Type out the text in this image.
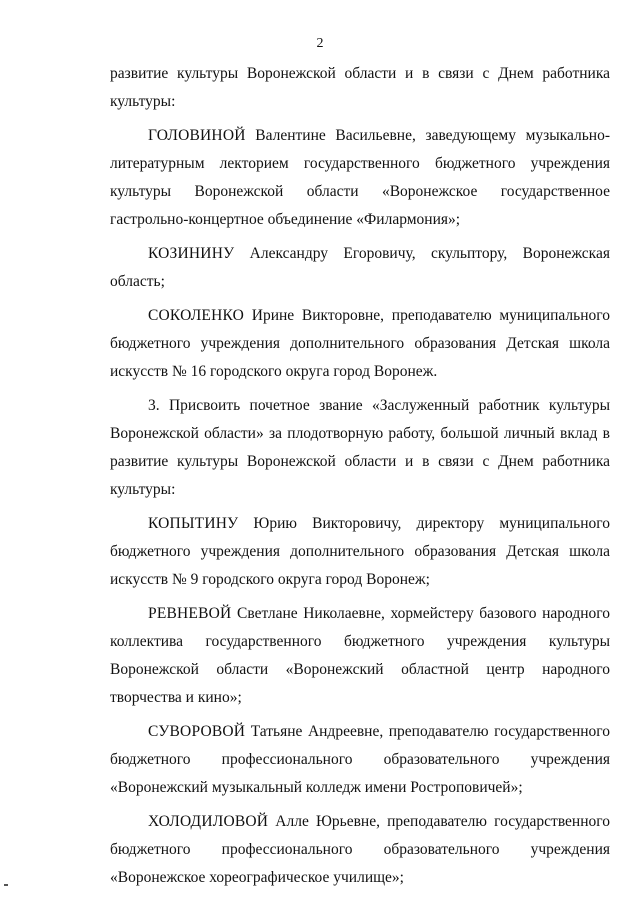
2

развитие культуры Воронежской области и в связи с Днем работника культуры:

ГОЛОВИНОЙ Валентине Васильевне, заведующему музыкально-литературным лекторием государственного бюджетного учреждения культуры Воронежской области «Воронежское государственное гастрольно-концертное объединение «Филармония»;

КОЗИНИНУ Александру Егоровичу, скульптору, Воронежская область;

СОКОЛЕНКО Ирине Викторовне, преподавателю муниципального бюджетного учреждения дополнительного образования Детская школа искусств № 16 городского округа город Воронеж.

3. Присвоить почетное звание «Заслуженный работник культуры Воронежской области» за плодотворную работу, большой личный вклад в развитие культуры Воронежской области и в связи с Днем работника культуры:

КОПЫТИНУ Юрию Викторовичу, директору муниципального бюджетного учреждения дополнительного образования Детская школа искусств № 9 городского округа город Воронеж;

РЕВНЕВОЙ Светлане Николаевне, хормейстеру базового народного коллектива государственного бюджетного учреждения культуры Воронежской области «Воронежский областной центр народного творчества и кино»;

СУВОРОВОЙ Татьяне Андреевне, преподавателю государственного бюджетного профессионального образовательного учреждения «Воронежский музыкальный колледж имени Ростроповичей»;

ХОЛОДИЛОВОЙ Алле Юрьевне, преподавателю государственного бюджетного профессионального образовательного учреждения «Воронежское хореографическое училище»;
